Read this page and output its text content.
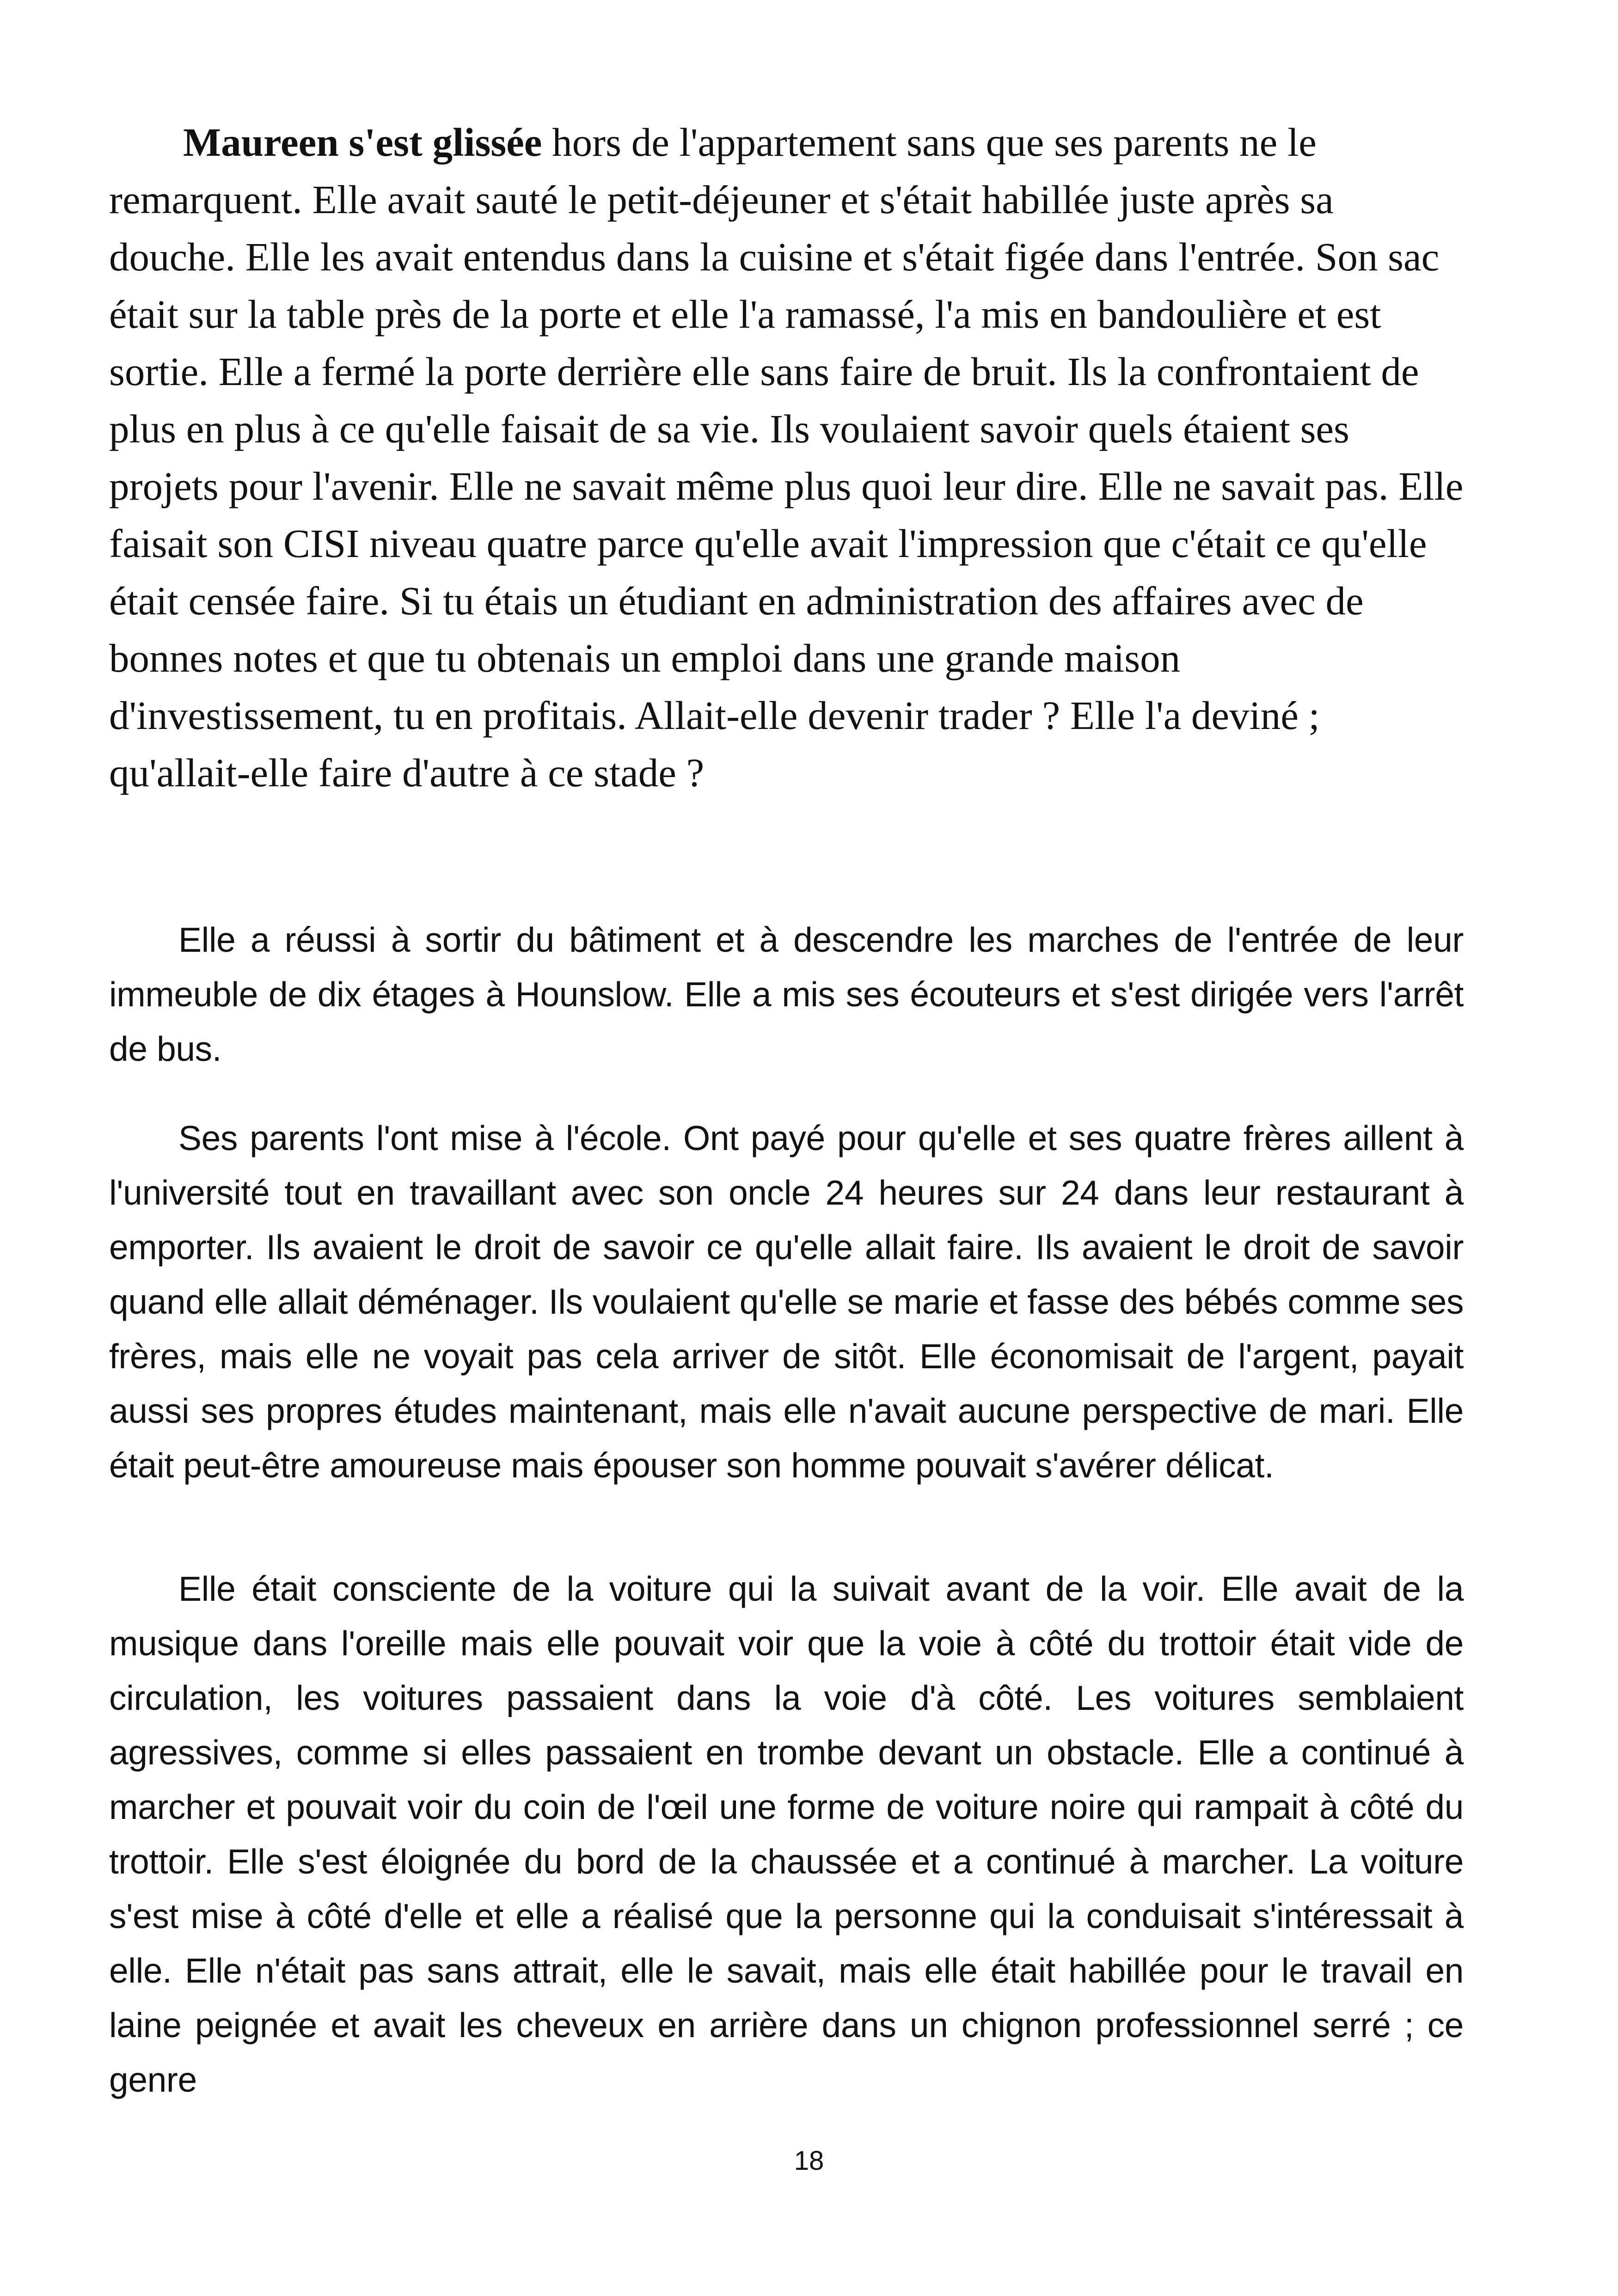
Maureen s'est glissée hors de l'appartement sans que ses parents ne le remarquent. Elle avait sauté le petit-déjeuner et s'était habillée juste après sa douche. Elle les avait entendus dans la cuisine et s'était figée dans l'entrée. Son sac était sur la table près de la porte et elle l'a ramassé, l'a mis en bandoulière et est sortie. Elle a fermé la porte derrière elle sans faire de bruit. Ils la confrontaient de plus en plus à ce qu'elle faisait de sa vie. Ils voulaient savoir quels étaient ses projets pour l'avenir. Elle ne savait même plus quoi leur dire. Elle ne savait pas. Elle faisait son CISI niveau quatre parce qu'elle avait l'impression que c'était ce qu'elle était censée faire. Si tu étais un étudiant en administration des affaires avec de bonnes notes et que tu obtenais un emploi dans une grande maison d'investissement, tu en profitais. Allait-elle devenir trader ? Elle l'a deviné ; qu'allait-elle faire d'autre à ce stade ?

Elle a réussi à sortir du bâtiment et à descendre les marches de l'entrée de leur immeuble de dix étages à Hounslow. Elle a mis ses écouteurs et s'est dirigée vers l'arrêt de bus.

Ses parents l'ont mise à l'école. Ont payé pour qu'elle et ses quatre frères aillent à l'université tout en travaillant avec son oncle 24 heures sur 24 dans leur restaurant à emporter. Ils avaient le droit de savoir ce qu'elle allait faire. Ils avaient le droit de savoir quand elle allait déménager. Ils voulaient qu'elle se marie et fasse des bébés comme ses frères, mais elle ne voyait pas cela arriver de sitôt. Elle économisait de l'argent, payait aussi ses propres études maintenant, mais elle n'avait aucune perspective de mari. Elle était peut-être amoureuse mais épouser son homme pouvait s'avérer délicat.

Elle était consciente de la voiture qui la suivait avant de la voir. Elle avait de la musique dans l'oreille mais elle pouvait voir que la voie à côté du trottoir était vide de circulation, les voitures passaient dans la voie d'à côté. Les voitures semblaient agressives, comme si elles passaient en trombe devant un obstacle. Elle a continué à marcher et pouvait voir du coin de l'œil une forme de voiture noire qui rampait à côté du trottoir. Elle s'est éloignée du bord de la chaussée et a continué à marcher. La voiture s'est mise à côté d'elle et elle a réalisé que la personne qui la conduisait s'intéressait à elle. Elle n'était pas sans attrait, elle le savait, mais elle était habillée pour le travail en laine peignée et avait les cheveux en arrière dans un chignon professionnel serré ; ce genre

18
